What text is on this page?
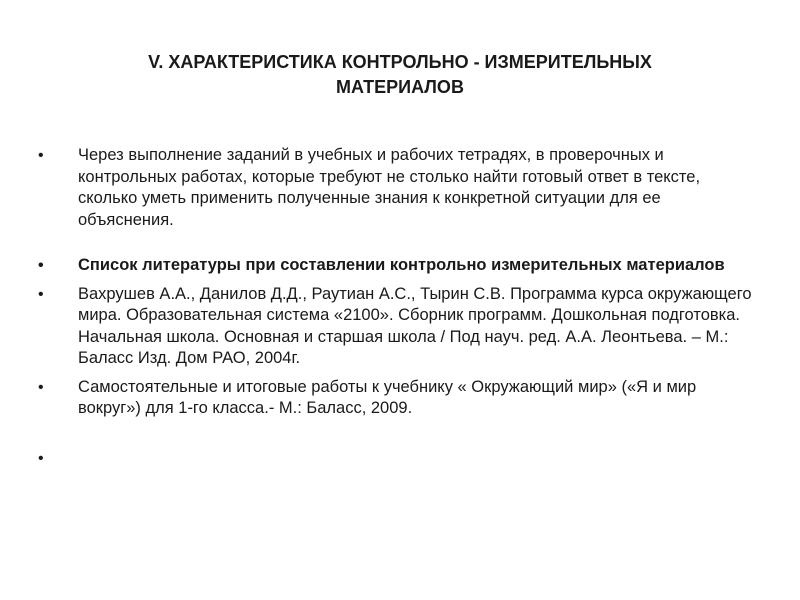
V. ХАРАКТЕРИСТИКА КОНТРОЛЬНО - ИЗМЕРИТЕЛЬНЫХ
МАТЕРИАЛОВ
•	Через выполнение заданий в учебных и рабочих тетрадях, в проверочных и контрольных работах, которые требуют не столько найти готовый ответ в тексте, сколько уметь применить полученные знания к конкретной ситуации для ее объяснения.
•	Список литературы при составлении контрольно измерительных материалов
•	Вахрушев А.А., Данилов Д.Д., Раутиан А.С., Тырин С.В. Программа курса окружающего мира. Образовательная система «2100». Сборник программ. Дошкольная подготовка. Начальная школа. Основная и старшая школа / Под науч. ред. А.А. Леонтьева. – М.: Баласс Изд. Дом РАО, 2004г.
•	Самостоятельные и итоговые работы к учебнику « Окружающий мир» («Я и мир вокруг») для 1-го класса.- М.: Баласс, 2009.
•
